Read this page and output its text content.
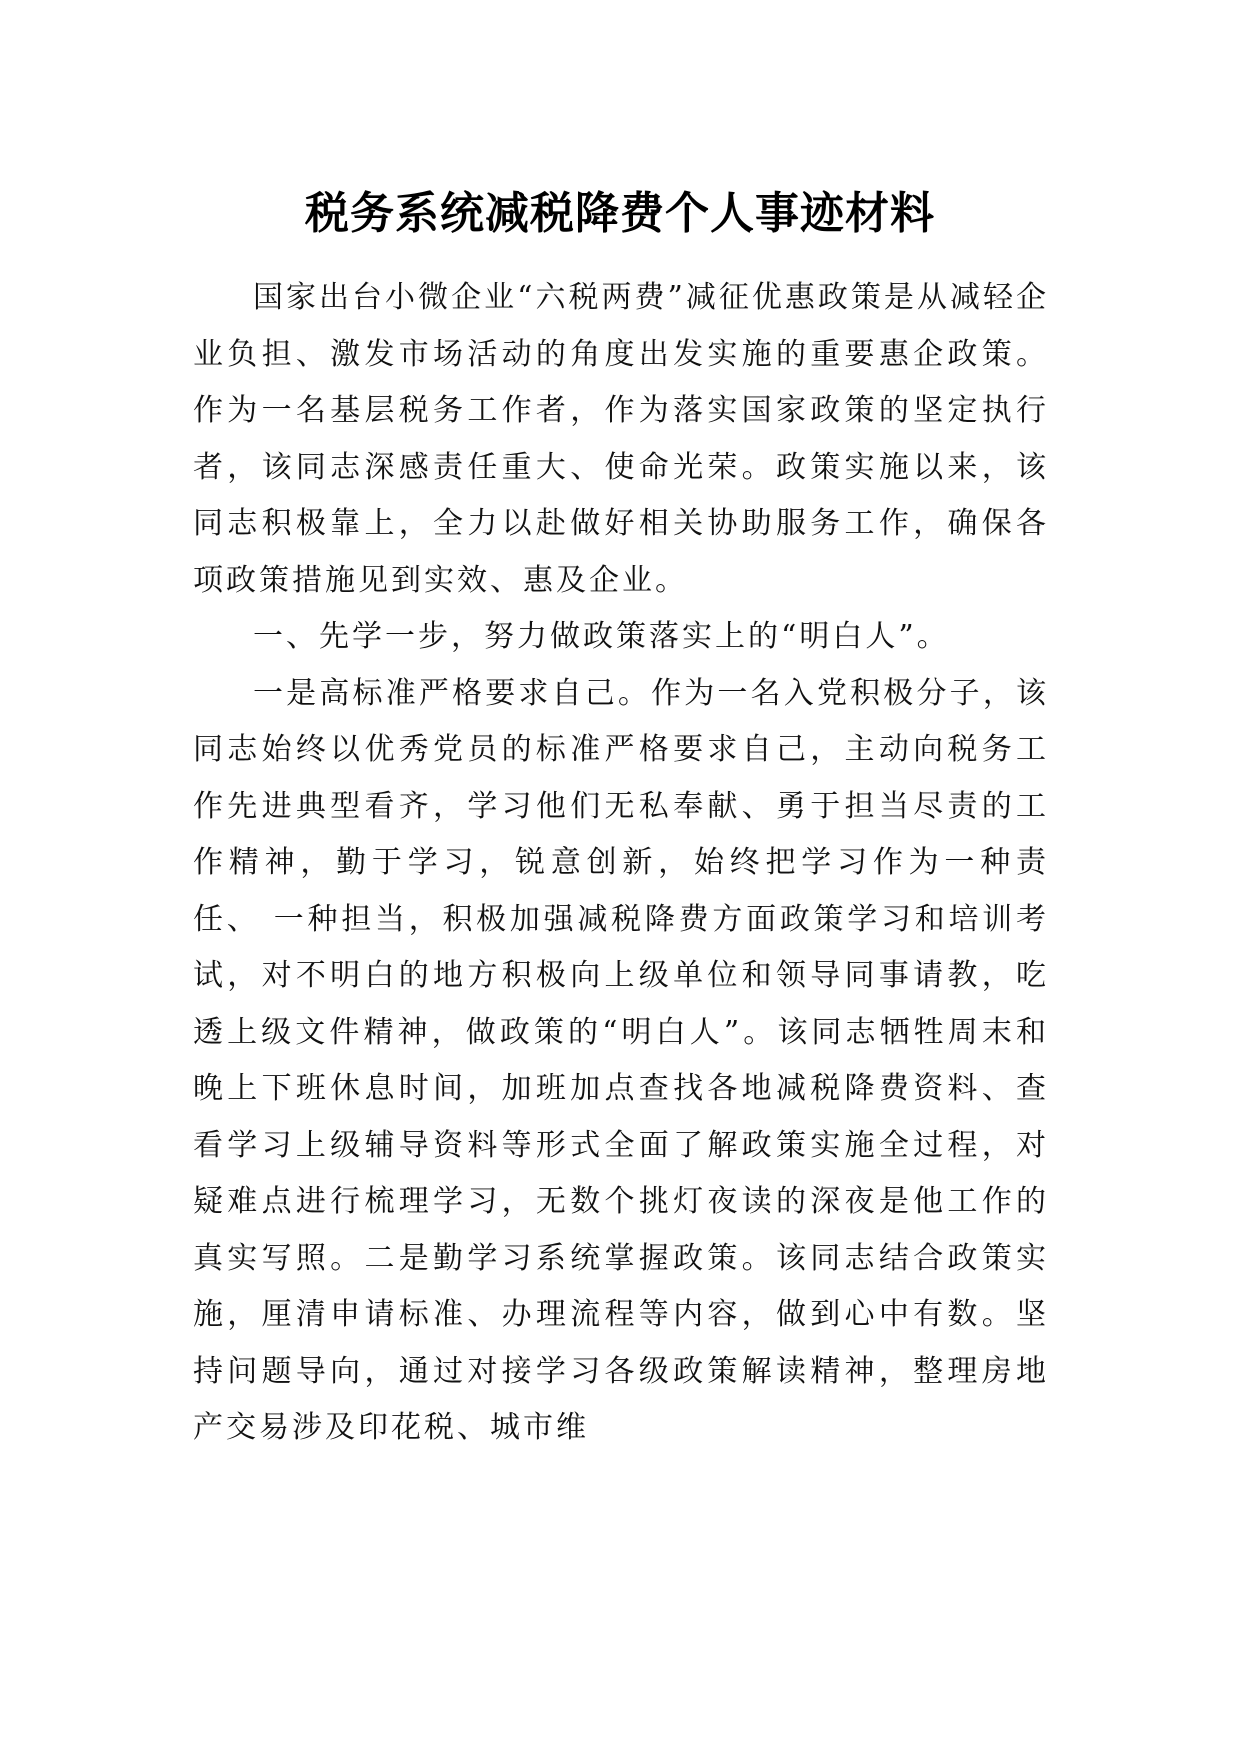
税务系统减税降费个人事迹材料

国家出台小微企业“六税两费”减征优惠政策是从减轻企业负担、激发市场活动的角度出发实施的重要惠企政策。作为一名基层税务工作者，作为落实国家政策的坚定执行者，该同志深感责任重大、使命光荣。政策实施以来，该同志积极靠上，全力以赴做好相关协助服务工作，确保各项政策措施见到实效、惠及企业。

一、先学一步，努力做政策落实上的“明白人”。

一是高标准严格要求自己。作为一名入党积极分子，该同志始终以优秀党员的标准严格要求自己，主动向税务工作先进典型看齐，学习他们无私奉献、勇于担当尽责的工作精神，勤于学习，锐意创新，始终把学习作为一种责任、 一种担当，积极加强减税降费方面政策学习和培训考试，对不明白的地方积极向上级单位和领导同事请教，吃透上级文件精神，做政策的“明白人”。该同志牺牲周末和晚上下班休息时间，加班加点查找各地减税降费资料、查看学习上级辅导资料等形式全面了解政策实施全过程，对疑难点进行梳理学习，无数个挑灯夜读的深夜是他工作的真实写照。二是勤学习系统掌握政策。该同志结合政策实施，厘清申请标准、办理流程等内容，做到心中有数。坚持问题导向，通过对接学习各级政策解读精神，整理房地产交易涉及印花税、城市维
